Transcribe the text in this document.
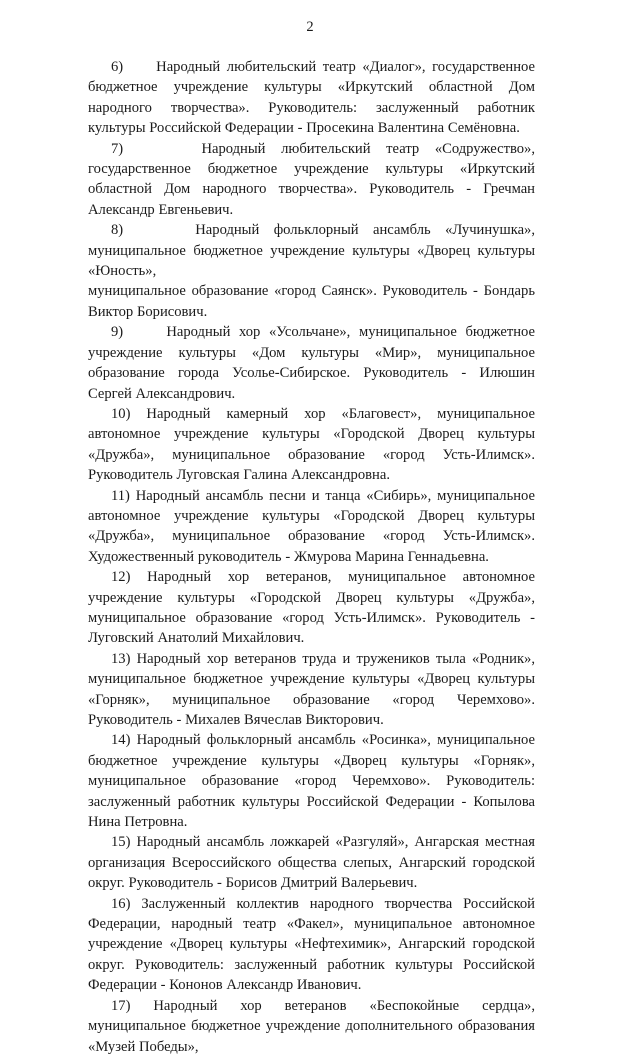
2

6) Народный любительский театр «Диалог», государственное бюджетное учреждение культуры «Иркутский областной Дом народного творчества». Руководитель: заслуженный работник культуры Российской Федерации - Просекина Валентина Семёновна.

7)	Народный любительский театр «Содружество», государственное бюджетное учреждение культуры «Иркутский областной Дом народного творчества». Руководитель - Гречман Александр Евгеньевич.

8)	Народный фольклорный ансамбль «Лучинушка», муниципальное бюджетное учреждение культуры «Дворец культуры «Юность»,
муниципальное образование «город Саянск». Руководитель - Бондарь Виктор Борисович.

9)	Народный хор «Усольчане», муниципальное бюджетное учреждение культуры «Дом культуры «Мир», муниципальное образование города Усолье-Сибирское. Руководитель - Илюшин Сергей Александрович.

10) Народный камерный хор «Благовест», муниципальное автономное учреждение культуры «Городской Дворец культуры «Дружба», муниципальное образование «город Усть-Илимск». Руководитель Луговская Галина Александровна.

11) Народный ансамбль песни и танца «Сибирь», муниципальное автономное учреждение культуры «Городской Дворец культуры «Дружба», муниципальное образование «город Усть-Илимск». Художественный руководитель - Жмурова Марина Геннадьевна.

12) Народный хор ветеранов, муниципальное автономное учреждение культуры «Городской Дворец культуры «Дружба», муниципальное образование «город Усть-Илимск». Руководитель - Луговский Анатолий Михайлович.

13) Народный хор ветеранов труда и тружеников тыла «Родник», муниципальное бюджетное учреждение культуры «Дворец культуры «Горняк», муниципальное образование «город Черемхово». Руководитель - Михалев Вячеслав Викторович.

14) Народный фольклорный ансамбль «Росинка», муниципальное бюджетное учреждение культуры «Дворец культуры «Горняк», муниципальное образование «город Черемхово». Руководитель: заслуженный работник культуры Российской Федерации - Копылова Нина Петровна.

15) Народный ансамбль ложкарей «Разгуляй», Ангарская местная организация Всероссийского общества слепых, Ангарский городской округ. Руководитель - Борисов Дмитрий Валерьевич.

16) Заслуженный коллектив народного творчества Российской Федерации, народный театр «Факел», муниципальное автономное учреждение «Дворец культуры «Нефтехимик», Ангарский городской округ. Руководитель: заслуженный работник культуры Российской Федерации - Кононов Александр Иванович.

17) Народный хор ветеранов «Беспокойные сердца», муниципальное бюджетное учреждение дополнительного образования «Музей Победы»,
